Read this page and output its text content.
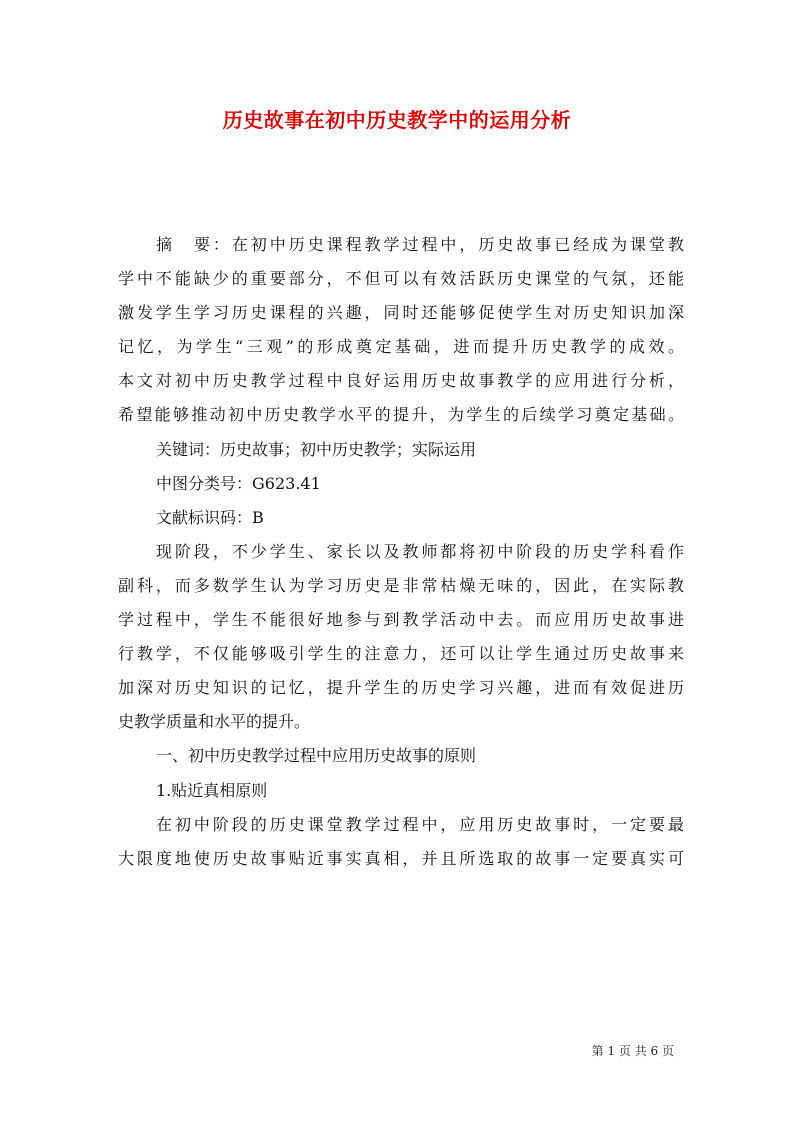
历史故事在初中历史教学中的运用分析

摘　要：在初中历史课程教学过程中，历史故事已经成为课堂教

学中不能缺少的重要部分，不但可以有效活跃历史课堂的气氛，还能

激发学生学习历史课程的兴趣，同时还能够促使学生对历史知识加深

记忆，为学生“三观”的形成奠定基础，进而提升历史教学的成效。

本文对初中历史教学过程中良好运用历史故事教学的应用进行分析，

希望能够推动初中历史教学水平的提升，为学生的后续学习奠定基础。

关键词：历史故事；初中历史教学；实际运用

中图分类号：G623.41

文献标识码：B

现阶段，不少学生、家长以及教师都将初中阶段的历史学科看作

副科，而多数学生认为学习历史是非常枯燥无味的，因此，在实际教

学过程中，学生不能很好地参与到教学活动中去。而应用历史故事进

行教学，不仅能够吸引学生的注意力，还可以让学生通过历史故事来

加深对历史知识的记忆，提升学生的历史学习兴趣，进而有效促进历

史教学质量和水平的提升。

一、初中历史教学过程中应用历史故事的原则

1.贴近真相原则

在初中阶段的历史课堂教学过程中，应用历史故事时，一定要最

大限度地使历史故事贴近事实真相，并且所选取的故事一定要真实可

第 1 页 共 6 页
